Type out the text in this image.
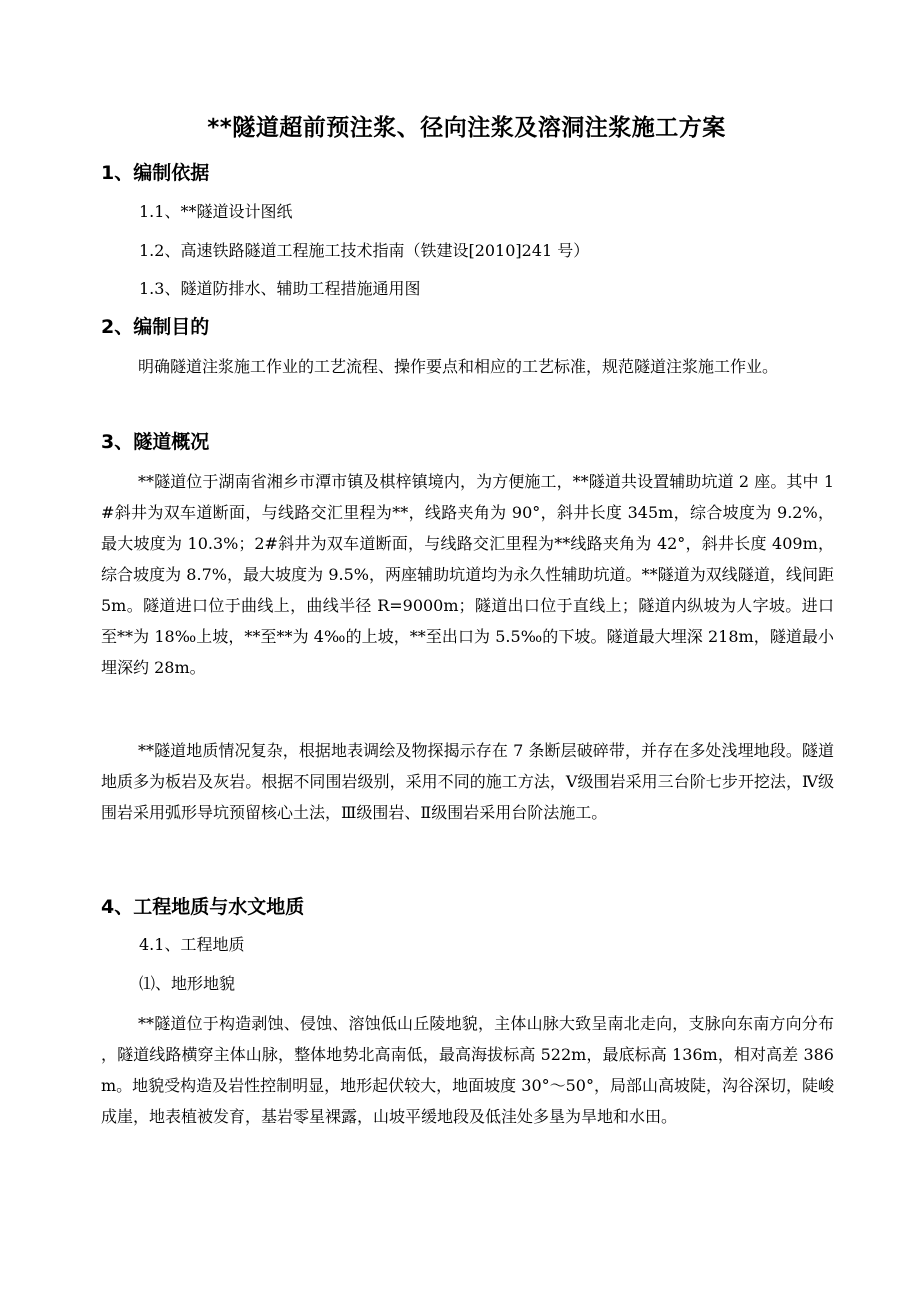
**隧道超前预注浆、径向注浆及溶洞注浆施工方案
1、编制依据
1.1、**隧道设计图纸
1.2、高速铁路隧道工程施工技术指南（铁建设[2010]241 号）
1.3、隧道防排水、辅助工程措施通用图
2、编制目的
明确隧道注浆施工作业的工艺流程、操作要点和相应的工艺标准，规范隧道注浆施工作业。
3、隧道概况
**隧道位于湖南省湘乡市潭市镇及棋梓镇境内，为方便施工，**隧道共设置辅助坑道 2 座。其中 1#斜井为双车道断面，与线路交汇里程为**，线路夹角为 90°，斜井长度 345m，综合坡度为 9.2%，最大坡度为 10.3%；2#斜井为双车道断面，与线路交汇里程为**线路夹角为 42°，斜井长度 409m，综合坡度为 8.7%，最大坡度为 9.5%，两座辅助坑道均为永久性辅助坑道。**隧道为双线隧道，线间距 5m。隧道进口位于曲线上，曲线半径 R=9000m；隧道出口位于直线上；隧道内纵坡为人字坡。进口至**为 18‰上坡，**至**为 4‰的上坡，**至出口为 5.5‰的下坡。隧道最大埋深 218m，隧道最小埋深约 28m。
**隧道地质情况复杂，根据地表调绘及物探揭示存在 7 条断层破碎带，并存在多处浅埋地段。隧道地质多为板岩及灰岩。根据不同围岩级别，采用不同的施工方法，Ⅴ级围岩采用三台阶七步开挖法，Ⅳ级围岩采用弧形导坑预留核心土法，Ⅲ级围岩、Ⅱ级围岩采用台阶法施工。
4、工程地质与水文地质
4.1、工程地质
⑴、地形地貌
**隧道位于构造剥蚀、侵蚀、溶蚀低山丘陵地貌，主体山脉大致呈南北走向，支脉向东南方向分布，隧道线路横穿主体山脉，整体地势北高南低，最高海拔标高 522m，最底标高 136m，相对高差 386m。地貌受构造及岩性控制明显，地形起伏较大，地面坡度 30°～50°，局部山高坡陡，沟谷深切，陡峻成崖，地表植被发育，基岩零星裸露，山坡平缓地段及低洼处多垦为旱地和水田。
